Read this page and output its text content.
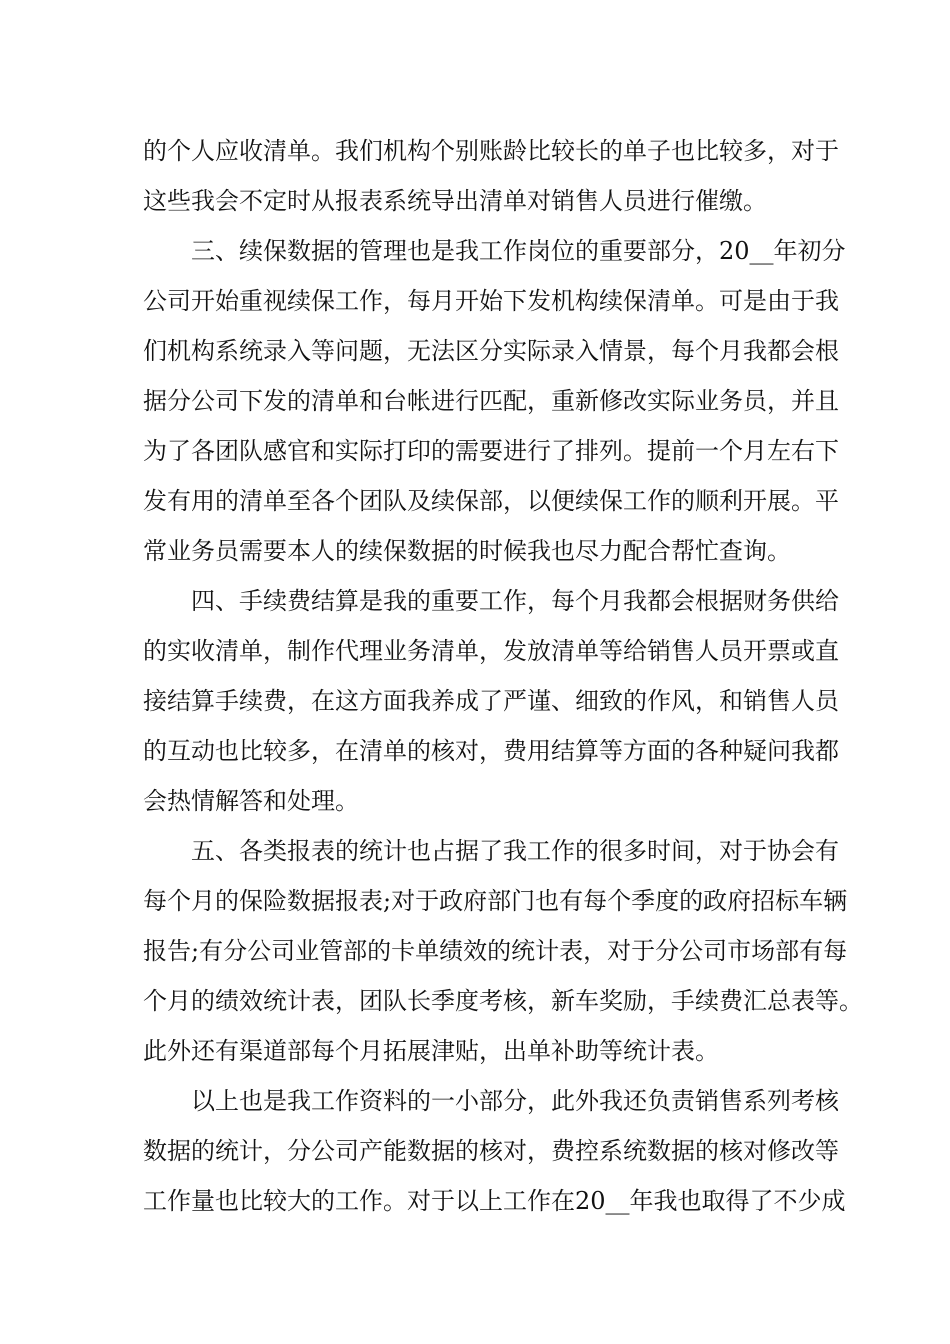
的个人应收清单。我们机构个别账龄比较长的单子也比较多，对于

这些我会不定时从报表系统导出清单对销售人员进行催缴。

三、续保数据的管理也是我工作岗位的重要部分，20__年初分

公司开始重视续保工作，每月开始下发机构续保清单。可是由于我

们机构系统录入等问题，无法区分实际录入情景，每个月我都会根

据分公司下发的清单和台帐进行匹配，重新修改实际业务员，并且

为了各团队感官和实际打印的需要进行了排列。提前一个月左右下

发有用的清单至各个团队及续保部，以便续保工作的顺利开展。平

常业务员需要本人的续保数据的时候我也尽力配合帮忙查询。

四、手续费结算是我的重要工作，每个月我都会根据财务供给

的实收清单，制作代理业务清单，发放清单等给销售人员开票或直

接结算手续费，在这方面我养成了严谨、细致的作风，和销售人员

的互动也比较多，在清单的核对，费用结算等方面的各种疑问我都

会热情解答和处理。

五、各类报表的统计也占据了我工作的很多时间，对于协会有

每个月的保险数据报表;对于政府部门也有每个季度的政府招标车辆

报告;有分公司业管部的卡单绩效的统计表，对于分公司市场部有每

个月的绩效统计表，团队长季度考核，新车奖励，手续费汇总表等。

此外还有渠道部每个月拓展津贴，出单补助等统计表。

以上也是我工作资料的一小部分，此外我还负责销售系列考核

数据的统计，分公司产能数据的核对，费控系统数据的核对修改等

工作量也比较大的工作。对于以上工作在20__年我也取得了不少成
